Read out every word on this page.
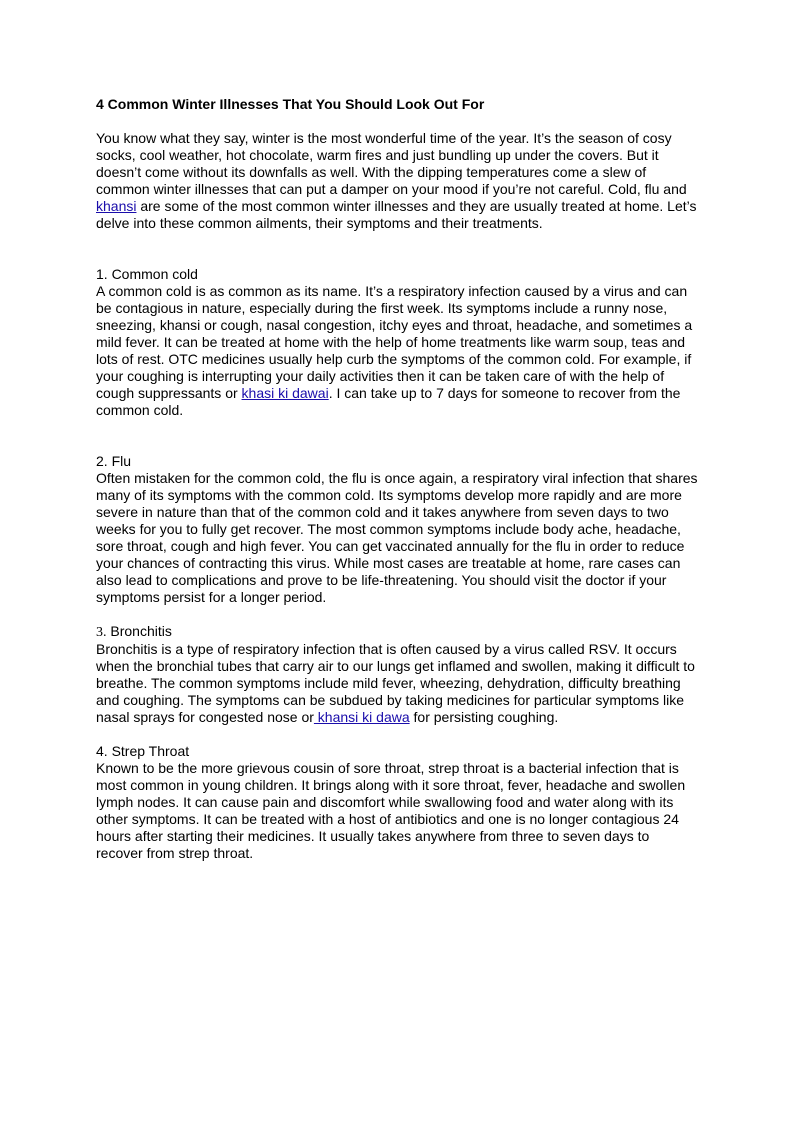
4 Common Winter Illnesses That You Should Look Out For

You know what they say, winter is the most wonderful time of the year. It’s the season of cosy socks, cool weather, hot chocolate, warm fires and just bundling up under the covers. But it doesn’t come without its downfalls as well. With the dipping temperatures come a slew of common winter illnesses that can put a damper on your mood if you’re not careful. Cold, flu and khansi are some of the most common winter illnesses and they are usually treated at home. Let’s delve into these common ailments, their symptoms and their treatments.

1. Common cold

A common cold is as common as its name. It’s a respiratory infection caused by a virus and can be contagious in nature, especially during the first week. Its symptoms include a runny nose, sneezing, khansi or cough, nasal congestion, itchy eyes and throat, headache, and sometimes a mild fever. It can be treated at home with the help of home treatments like warm soup, teas and lots of rest. OTC medicines usually help curb the symptoms of the common cold. For example, if your coughing is interrupting your daily activities then it can be taken care of with the help of cough suppressants or khasi ki dawai. I can take up to 7 days for someone to recover from the common cold.

2. Flu

Often mistaken for the common cold, the flu is once again, a respiratory viral infection that shares many of its symptoms with the common cold. Its symptoms develop more rapidly and are more severe in nature than that of the common cold and it takes anywhere from seven days to two weeks for you to fully get recover. The most common symptoms include body ache, headache, sore throat, cough and high fever. You can get vaccinated annually for the flu in order to reduce your chances of contracting this virus. While most cases are treatable at home, rare cases can also lead to complications and prove to be life-threatening. You should visit the doctor if your symptoms persist for a longer period.

3. Bronchitis

Bronchitis is a type of respiratory infection that is often caused by a virus called RSV. It occurs when the bronchial tubes that carry air to our lungs get inflamed and swollen, making it difficult to breathe. The common symptoms include mild fever, wheezing, dehydration, difficulty breathing and coughing. The symptoms can be subdued by taking medicines for particular symptoms like nasal sprays for congested nose or khansi ki dawa for persisting coughing.

4. Strep Throat

Known to be the more grievous cousin of sore throat, strep throat is a bacterial infection that is most common in young children. It brings along with it sore throat, fever, headache and swollen lymph nodes. It can cause pain and discomfort while swallowing food and water along with its other symptoms. It can be treated with a host of antibiotics and one is no longer contagious 24 hours after starting their medicines. It usually takes anywhere from three to seven days to recover from strep throat.
